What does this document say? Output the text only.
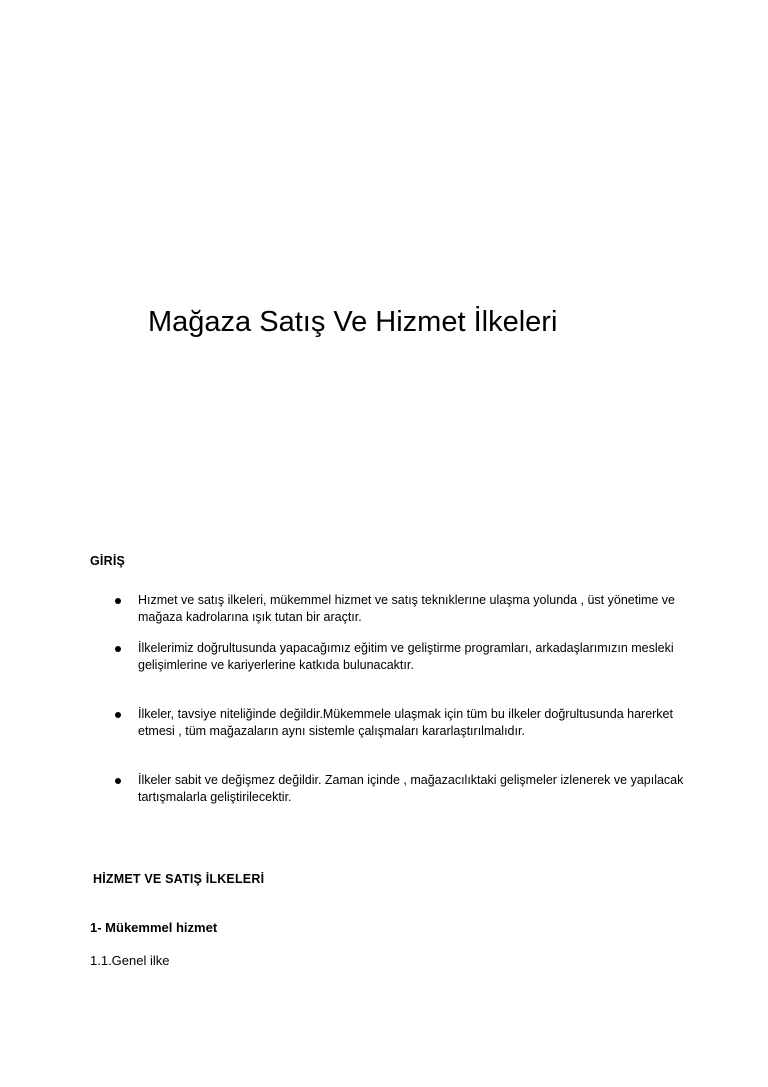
Mağaza Satış Ve Hizmet İlkeleri
GİRİŞ

Hızmet ve satış ilkeleri, mükemmel hizmet ve satış teknıklerıne ulaşma yolunda , üst yönetime ve mağaza kadrolarına ışık tutan bir araçtır.

İlkelerimiz doğrultusunda yapacağımız eğitim ve geliştirme programları, arkadaşlarımızın mesleki gelişimlerine ve kariyerlerine katkıda bulunacaktır.

İlkeler, tavsiye niteliğinde değildir.Mükemmele ulaşmak için tüm bu ilkeler doğrultusunda harerket etmesi , tüm mağazaların aynı sistemle çalışmaları kararlaştırılmalıdır.

İlkeler sabit ve değişmez değildir. Zaman içinde , mağazacılıktaki gelişmeler izlenerek ve yapılacak tartışmalarla geliştirilecektir.

HİZMET VE SATIŞ İLKELERİ
1- Mükemmel hizmet

1.1.Genel ilke
